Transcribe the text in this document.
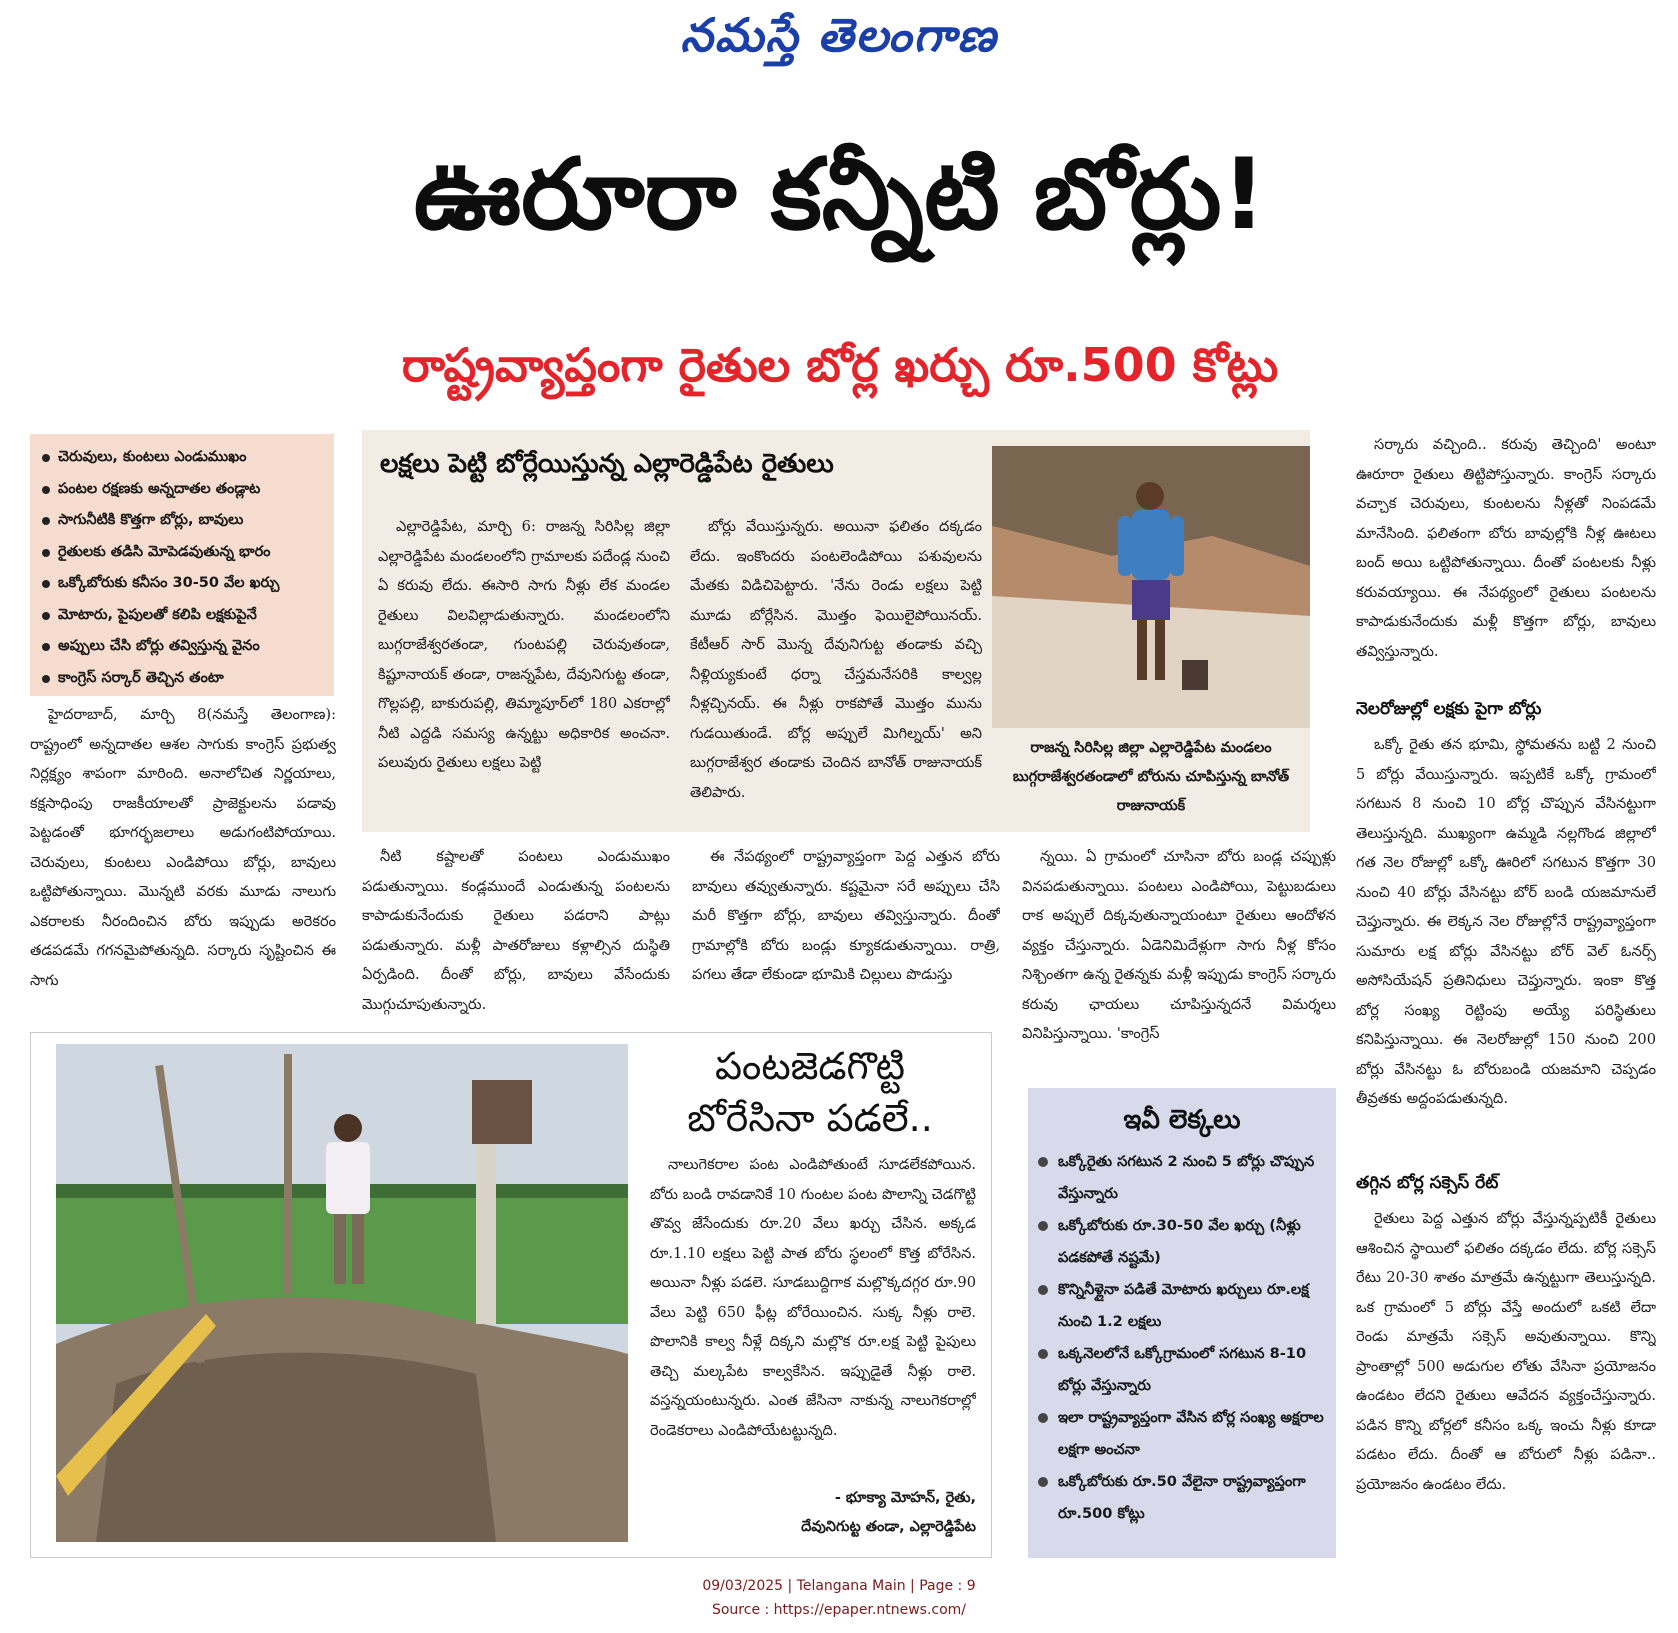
నమస్తే తెలంగాణ
ఊరూరా కన్నీటి బోర్లు!
రాష్ట్రవ్యాప్తంగా రైతుల బోర్ల ఖర్చు రూ.500 కోట్లు
చెరువులు, కుంటలు ఎండుముఖం
పంటల రక్షణకు అన్నదాతల తండ్లాట
సాగునీటికి కొత్తగా బోర్లు, బావులు
రైతులకు తడిసి మోపెడవుతున్న భారం
ఒక్కోబోరుకు కనీసం 30-50 వేల ఖర్చు
మోటారు, పైపులతో కలిపి లక్షకుపైనే
అప్పులు చేసి బోర్లు తవ్విస్తున్న వైనం
కాంగ్రెస్ సర్కార్ తెచ్చిన తంటా

హైదరాబాద్, మార్చి 8(నమస్తే తెలంగాణ): రాష్ట్రంలో అన్నదాతల ఆశల సాగుకు కాంగ్రెస్ ప్రభుత్వ నిర్లక్ష్యం శాపంగా మారింది. అనాలోచిత నిర్ణయాలు, కక్షసాధింపు రాజకీయాలతో ప్రాజెక్టులను పడావు పెట్టడంతో భూగర్భజలాలు అడుగంటిపోయాయి. చెరువులు, కుంటలు ఎండిపోయి బోర్లు, బావులు ఒట్టిపోతున్నాయి. మొన్నటి వరకు మూడు నాలుగు ఎకరాలకు నీరందించిన బోరు ఇప్పుడు అరెకరం తడపడమే గగనమైపోతున్నది. సర్కారు సృష్టించిన ఈ సాగు

లక్షలు పెట్టి బోర్లేయిస్తున్న ఎల్లారెడ్డిపేట రైతులు

ఎల్లారెడ్డిపేట, మార్చి 6: రాజన్న సిరిసిల్ల జిల్లా ఎల్లారెడ్డిపేట మండలంలోని గ్రామాలకు పదేండ్ల నుంచి ఏ కరువు లేదు. ఈసారి సాగు నీళ్లు లేక మండల రైతులు విలవిల్లాడుతున్నారు. మండలంలోని బుగ్గరాజేశ్వరతండా, గుంటపల్లి చెరువుతండా, కిష్టూనాయక్ తండా, రాజన్నపేట, దేవునిగుట్ట తండా, గొల్లపల్లి, బాకురుపల్లి, తిమ్మాపూర్‌లో 180 ఎకరాల్లో నీటి ఎద్దడి సమస్య ఉన్నట్టు అధికారిక అంచనా. పలువురు రైతులు లక్షలు పెట్టి

బోర్లు వేయిస్తున్నరు. అయినా ఫలితం దక్కడం లేదు. ఇంకొందరు పంటలెండిపోయి పశువులను మేతకు విడిచిపెట్టారు. 'నేను రెండు లక్షలు పెట్టి మూడు బోర్లేసిన. మొత్తం ఫెయిలైపోయినయ్. కేటీఆర్ సార్ మొన్న దేవునిగుట్ట తండాకు వచ్చి నీళ్లియ్యకుంటే ధర్నా చేస్తమనేసరికి కాల్వల్ల నీళ్లచ్చినయ్. ఈ నీళ్లు రాకపోతే మొత్తం మును గుడయితుండే. బోర్ల అప్పులే మిగిల్నయ్' అని బుగ్గరాజేశ్వర తండాకు చెందిన బానోత్ రాజునాయక్ తెలిపారు.

రాజన్న సిరిసిల్ల జిల్లా ఎల్లారెడ్డిపేట మండలం బుగ్గరాజేశ్వరతండాలో బోరును చూపిస్తున్న బానోత్ రాజునాయక్

నీటి కష్టాలతో పంటలు ఎండుముఖం పడుతున్నాయి. కండ్లముందే ఎండుతున్న పంటలను కాపాడుకునేందుకు రైతులు పడరాని పాట్లు పడుతున్నారు. మళ్లీ పాతరోజులు కళ్లాల్సిన దుస్థితి ఏర్పడింది. దీంతో బోర్లు, బావులు వేసేందుకు మొగ్గుచూపుతున్నారు.

ఈ నేపథ్యంలో రాష్ట్రవ్యాప్తంగా పెద్ద ఎత్తున బోరు బావులు తవ్వుతున్నారు. కష్టమైనా సరే అప్పులు చేసి మరీ కొత్తగా బోర్లు, బావులు తవ్విస్తున్నారు. దీంతో గ్రామాల్లోకి బోరు బండ్లు క్యూకడుతున్నాయి. రాత్రి, పగలు తేడా లేకుండా భూమికి చిల్లులు పొడుస్తు

న్నయి. ఏ గ్రామంలో చూసినా బోరు బండ్ల చప్పుళ్లు వినపడుతున్నాయి. పంటలు ఎండిపోయి, పెట్టుబడులు రాక అప్పులే దిక్కవుతున్నాయంటూ రైతులు ఆందోళన వ్యక్తం చేస్తున్నారు. ఏడెనిమిదేళ్లుగా సాగు నీళ్ల కోసం నిశ్చింతగా ఉన్న రైతన్నకు మళ్లీ ఇప్పుడు కాంగ్రెస్ సర్కారు కరువు ఛాయలు చూపిస్తున్నదనే విమర్శలు వినిపిస్తున్నాయి. 'కాంగ్రెస్

సర్కారు వచ్చింది.. కరువు తెచ్చింది' అంటూ ఊరూరా రైతులు తిట్టిపోస్తున్నారు. కాంగ్రెస్ సర్కారు వచ్చాక చెరువులు, కుంటలను నీళ్లతో నింపడమే మానేసింది. ఫలితంగా బోరు బావుల్లోకి నీళ్ల ఊటలు బంద్ అయి ఒట్టిపోతున్నాయి. దీంతో పంటలకు నీళ్లు కరువయ్యాయి. ఈ నేపథ్యంలో రైతులు పంటలను కాపాడుకునేందుకు మళ్లీ కొత్తగా బోర్లు, బావులు తవ్విస్తున్నారు.

నెలరోజుల్లో లక్షకు పైగా బోర్లు

ఒక్కో రైతు తన భూమి, స్థోమతను బట్టి 2 నుంచి 5 బోర్లు వేయిస్తున్నారు. ఇప్పటికే ఒక్కో గ్రామంలో సగటున 8 నుంచి 10 బోర్ల చొప్పున వేసినట్టుగా తెలుస్తున్నది. ముఖ్యంగా ఉమ్మడి నల్లగొండ జిల్లాలో గత నెల రోజుల్లో ఒక్కో ఊరిలో సగటున కొత్తగా 30 నుంచి 40 బోర్లు వేసినట్టు బోర్ బండి యజమానులే చెప్తున్నారు. ఈ లెక్కన నెల రోజుల్లోనే రాష్ట్రవ్యాప్తంగా సుమారు లక్ష బోర్లు వేసినట్టు బోర్ వెల్ ఓనర్స్ అసోసియేషన్ ప్రతినిధులు చెప్తున్నారు. ఇంకా కొత్త బోర్ల సంఖ్య రెట్టింపు అయ్యే పరిస్థితులు కనిపిస్తున్నాయి. ఈ నెలరోజుల్లో 150 నుంచి 200 బోర్లు వేసినట్టు ఓ బోరుబండి యజమాని చెప్పడం తీవ్రతకు అద్దంపడుతున్నది.

తగ్గిన బోర్ల సక్సెస్ రేట్

రైతులు పెద్ద ఎత్తున బోర్లు వేస్తున్నప్పటికీ రైతులు ఆశించిన స్థాయిలో ఫలితం దక్కడం లేదు. బోర్ల సక్సెస్ రేటు 20-30 శాతం మాత్రమే ఉన్నట్టుగా తెలుస్తున్నది. ఒక గ్రామంలో 5 బోర్లు వేస్తే అందులో ఒకటి లేదా రెండు మాత్రమే సక్సెస్ అవుతున్నాయి. కొన్ని ప్రాంతాల్లో 500 అడుగుల లోతు వేసినా ప్రయోజనం ఉండటం లేదని రైతులు ఆవేదన వ్యక్తంచేస్తున్నారు. పడిన కొన్ని బోర్లలో కనీసం ఒక్క ఇంచు నీళ్లు కూడా పడటం లేదు. దీంతో ఆ బోరులో నీళ్లు పడినా.. ప్రయోజనం ఉండటం లేదు.

పంటజెడగొట్టి
బోరేసినా పడలే..

నాలుగెకరాల పంట ఎండిపోతుంటే సూడలేకపోయిన. బోరు బండి రావడానికే 10 గుంటల పంట పొలాన్ని చెడగొట్టి తొవ్వ జేసేందుకు రూ.20 వేలు ఖర్చు చేసిన. అక్కడ రూ.1.10 లక్షలు పెట్టి పాత బోరు స్థలంలో కొత్త బోరేసిన. అయినా నీళ్లు పడలె. సూడబుద్దిగాక మల్లొక్కదగ్గర రూ.90 వేలు పెట్టి 650 ఫీట్ల బోరేయించిన. సుక్క నీళ్లు రాలె. పొలానికి కాల్వ నీళ్లే దిక్కని మల్లొక రూ.లక్ష పెట్టి పైపులు తెచ్చి మల్కపేట కాల్వకేసిన. ఇప్పుడైతే నీళ్లు రాలె. వస్తన్నయంటున్నరు. ఎంత జేసినా నాకున్న నాలుగెకరాల్లో రెండెకరాలు ఎండిపోయేటట్టున్నది.

- భూక్యా మోహన్, రైతు,
దేవునిగుట్ట తండా, ఎల్లారెడ్డిపేట
ఇవీ లెక్కలు
ఒక్కోరైతు సగటున 2 నుంచి 5 బోర్లు చొప్పున వేస్తున్నారు
ఒక్కోబోరుకు రూ.30-50 వేల ఖర్చు (నీళ్లు పడకపోతే నష్టమే)
కొన్నినీళ్లైనా పడితే మోటారు ఖర్చులు రూ.లక్ష నుంచి 1.2 లక్షలు
ఒక్కనెలలోనే ఒక్కోగ్రామంలో సగటున 8-10 బోర్లు వేస్తున్నారు
ఇలా రాష్ట్రవ్యాప్తంగా వేసిన బోర్ల సంఖ్య అక్షరాల లక్షగా అంచనా
ఒక్కోబోరుకు రూ.50 వేలైనా రాష్ట్రవ్యాప్తంగా రూ.500 కోట్లు
09/03/2025 | Telangana Main | Page : 9
Source : https://epaper.ntnews.com/
